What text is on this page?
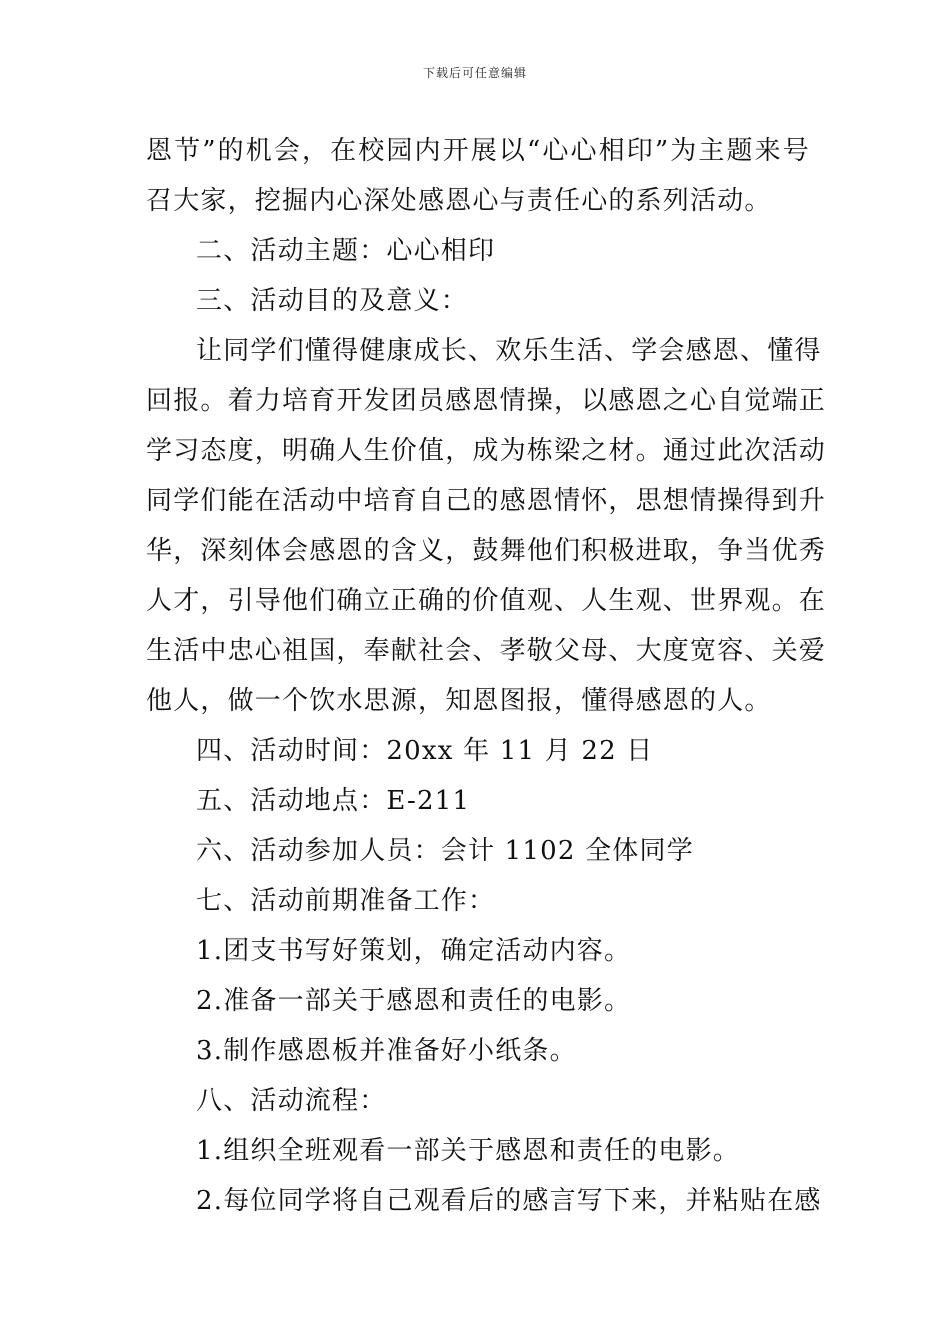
下载后可任意编辑
恩节”的机会，在校园内开展以“心心相印”为主题来号
召大家，挖掘内心深处感恩心与责任心的系列活动。
二、活动主题：心心相印
三、活动目的及意义：
让同学们懂得健康成长、欢乐生活、学会感恩、懂得
回报。着力培育开发团员感恩情操，以感恩之心自觉端正
学习态度，明确人生价值，成为栋梁之材。通过此次活动
同学们能在活动中培育自己的感恩情怀，思想情操得到升
华，深刻体会感恩的含义，鼓舞他们积极进取，争当优秀
人才，引导他们确立正确的价值观、人生观、世界观。在
生活中忠心祖国，奉献社会、孝敬父母、大度宽容、关爱
他人，做一个饮水思源，知恩图报，懂得感恩的人。
四、活动时间：20xx 年 11 月 22 日
五、活动地点：E-211
六、活动参加人员：会计 1102 全体同学
七、活动前期准备工作：
1.团支书写好策划，确定活动内容。
2.准备一部关于感恩和责任的电影。
3.制作感恩板并准备好小纸条。
八、活动流程：
1.组织全班观看一部关于感恩和责任的电影。
2.每位同学将自己观看后的感言写下来，并粘贴在感
